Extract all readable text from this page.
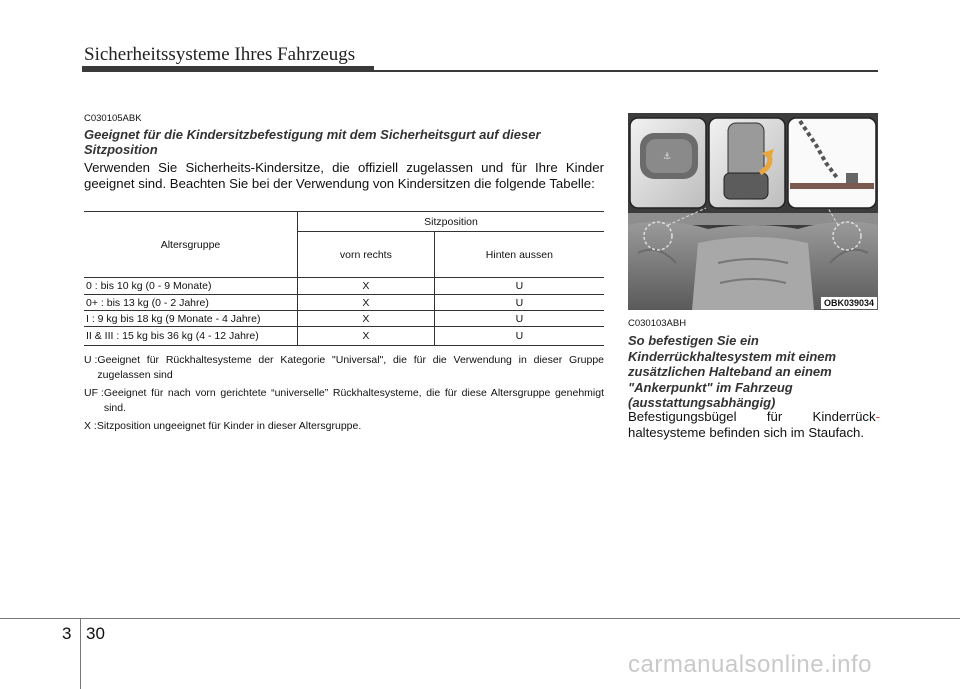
Sicherheitssysteme Ihres Fahrzeugs
C030105ABK
Geeignet für die Kindersitzbefestigung mit dem Sicherheitsgurt auf dieser Sitzposition
Verwenden Sie Sicherheits-Kindersitze, die offiziell zugelassen und für Ihre Kinder geeignet sind. Beachten Sie bei der Verwendung von Kindersitzen die folgende Tabelle:
Altersgruppe	Sitzposition	
	vorn rechts	Hinten aussen
0 : bis 10 kg (0 - 9 Monate)	X	U
0+ : bis 13 kg (0 - 2 Jahre)	X	U
I : 9 kg bis 18 kg (9 Monate - 4 Jahre)	X	U
II & III : 15 kg bis 36 kg (4 - 12 Jahre)	X	U
U : Geeignet für Rückhaltesysteme der Kategorie "Universal", die für die Verwendung in dieser Gruppe zugelassen sind
UF : Geeignet für nach vorn gerichtete “universelle” Rückhaltesysteme, die für diese Altersgruppe genehmigt sind.
X : Sitzposition ungeeignet für Kinder in dieser Altersgruppe.
⚓
OBK039034
C030103ABH
So befestigen Sie ein Kinderrückhaltesystem mit einem zusätzlichen Halteband an einem "Ankerpunkt" im Fahrzeug (ausstattungsabhängig)
Befestigungsbügel für Kinderrück- haltesysteme befinden sich im Staufach.
3 30
carmanualsonline.info
